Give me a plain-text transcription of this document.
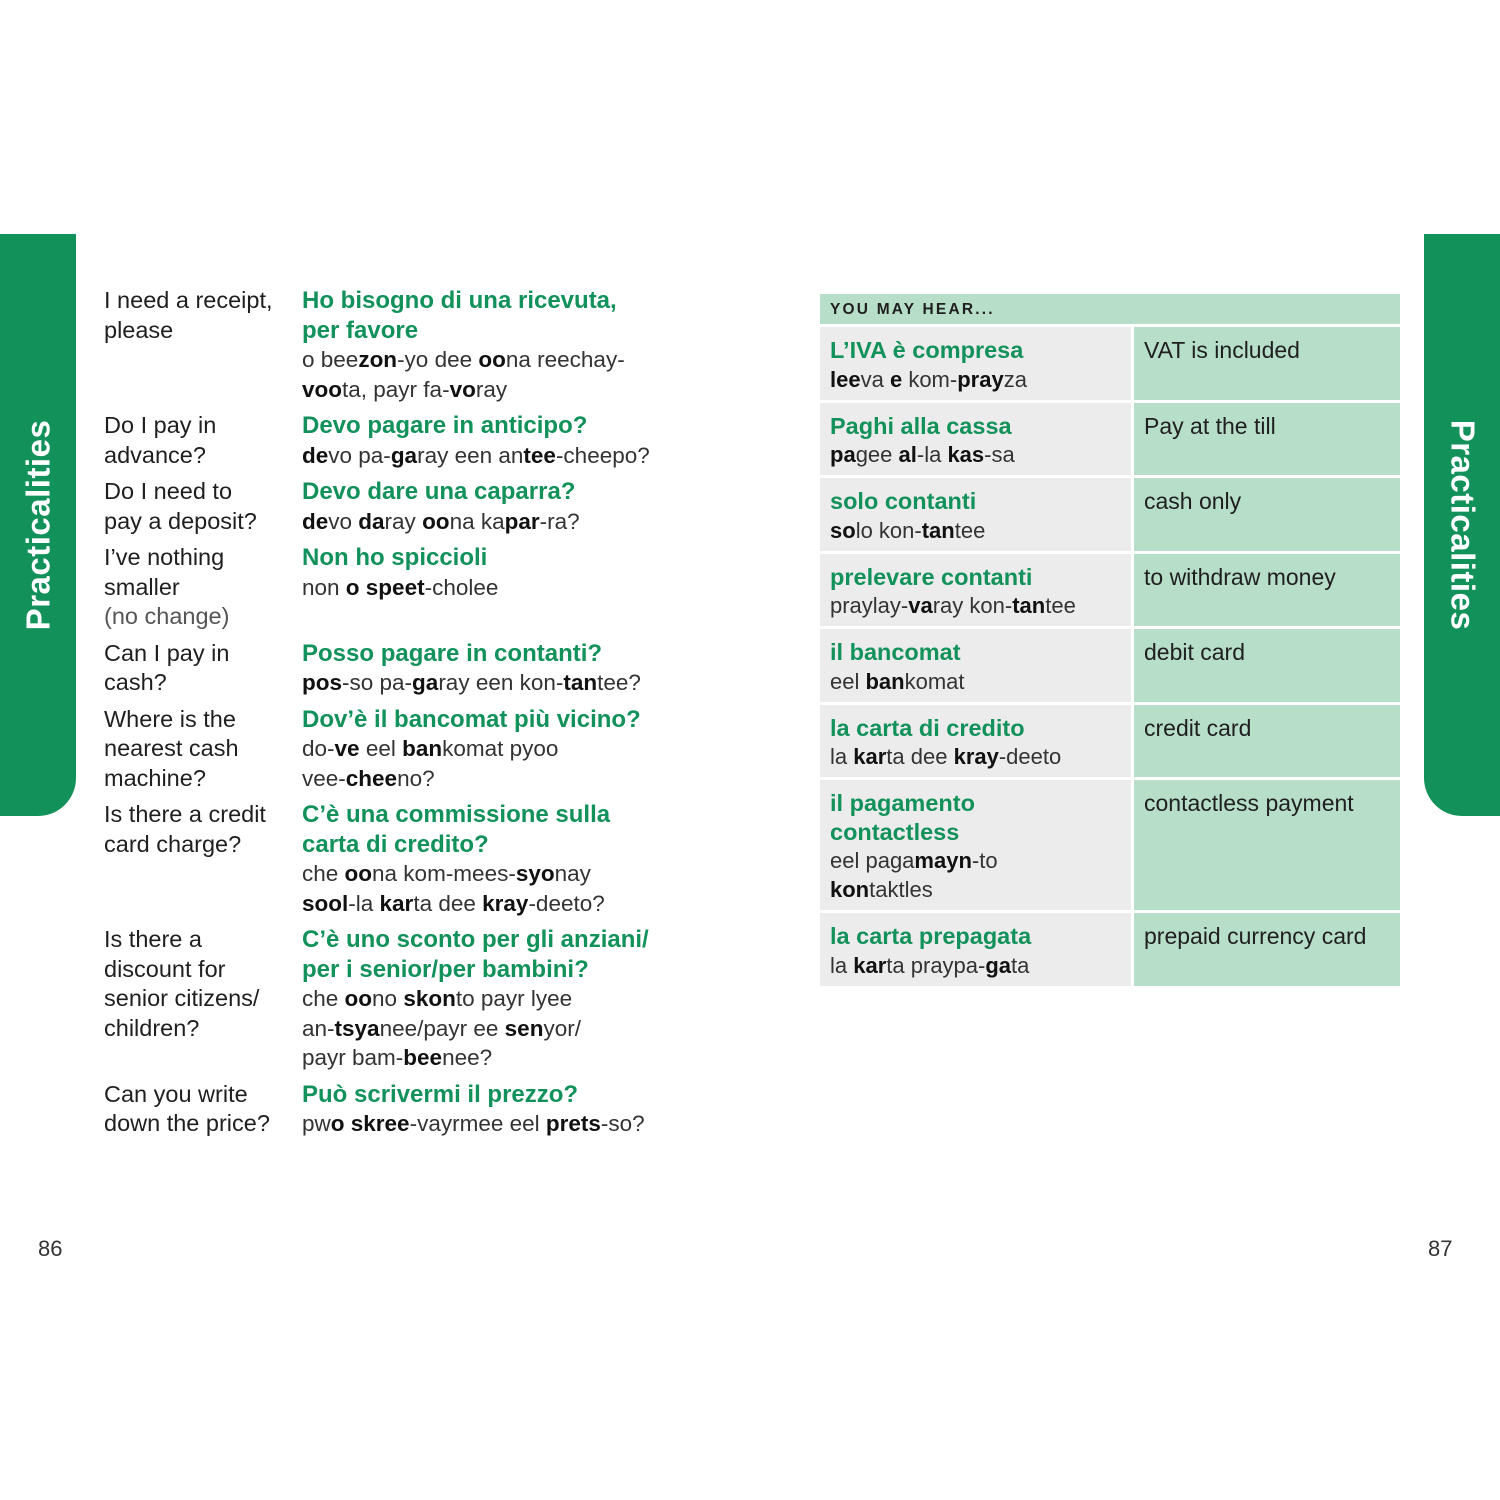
Practicalities	Practicalities
I need a receipt,
please
Ho bisogno di una ricevuta,
per favore
o beezon-yo dee oona reechay-
voota, payr fa-voray
Do I pay in
advance?
Devo pagare in anticipo?
devo pa-garay een antee-cheepo?
Do I need to
pay a deposit?
Devo dare una caparra?
devo daray oona kapar-ra?
I’ve nothing
smaller
(no change)
Non ho spiccioli
non o speet-cholee
Can I pay in
cash?
Posso pagare in contanti?
pos-so pa-garay een kon-tantee?
Where is the
nearest cash
machine?
Dov’è il bancomat più vicino?
do-ve eel bankomat pyoo
vee-cheeno?
Is there a credit
card charge?
C’è una commissione sulla
carta di credito?
che oona kom-mees-syonay
sool-la karta dee kray-deeto?
Is there a
discount for
senior citizens/
children?
C’è uno sconto per gli anziani/
per i senior/per bambini?
che oono skonto payr lyee
an-tsyanee/payr ee senyor/
payr bam-beenee?
Can you write
down the price?
Può scrivermi il prezzo?
pwo skree-vayrmee eel prets-so?
YOU MAY HEAR...
L’IVA è compresa
leeva e kom-prayza
VAT is included
Paghi alla cassa
pagee al-la kas-sa
Pay at the till
solo contanti
solo kon-tantee
cash only
prelevare contanti
praylay-varay kon-tantee
to withdraw money
il bancomat
eel bankomat
debit card
la carta di credito
la karta dee kray-deeto
credit card
il pagamento
contactless
eel pagamayn-to
kontaktles
contactless payment
la carta prepagata
la karta praypa-gata
prepaid currency card
86	87
